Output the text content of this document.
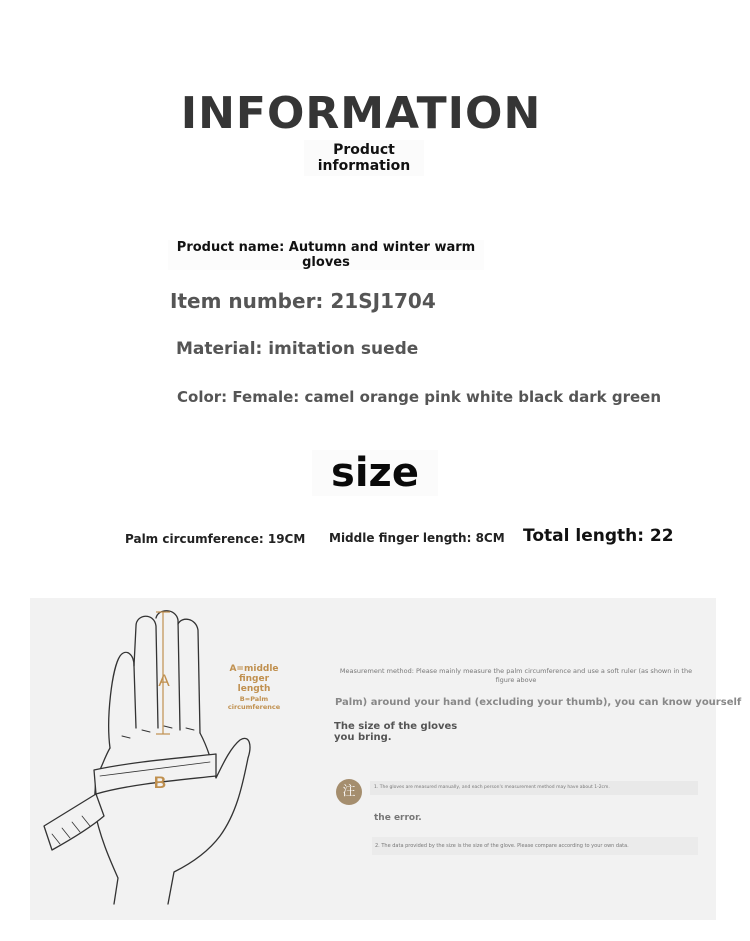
INFORMATION
Product
information
Product name: Autumn and winter warm
gloves
Item number: 21SJ1704
Material: imitation suede
Color: Female: camel orange pink white black dark green
size
Palm circumference: 19CM Middle finger length: 8CM Total length: 22
A
B
A=middle
finger length
B=Palm
circumference
Measurement method: Please mainly measure the palm circumference and use a soft ruler (as shown in the
figure above
Palm) around your hand (excluding your thumb), you can know yourself
The size of the gloves
you bring.
注	1. The gloves are measured manually, and each person's measurement method may have about 1-2cm.
the error.
2. The data provided by the size is the size of the glove. Please compare according to your own data.
